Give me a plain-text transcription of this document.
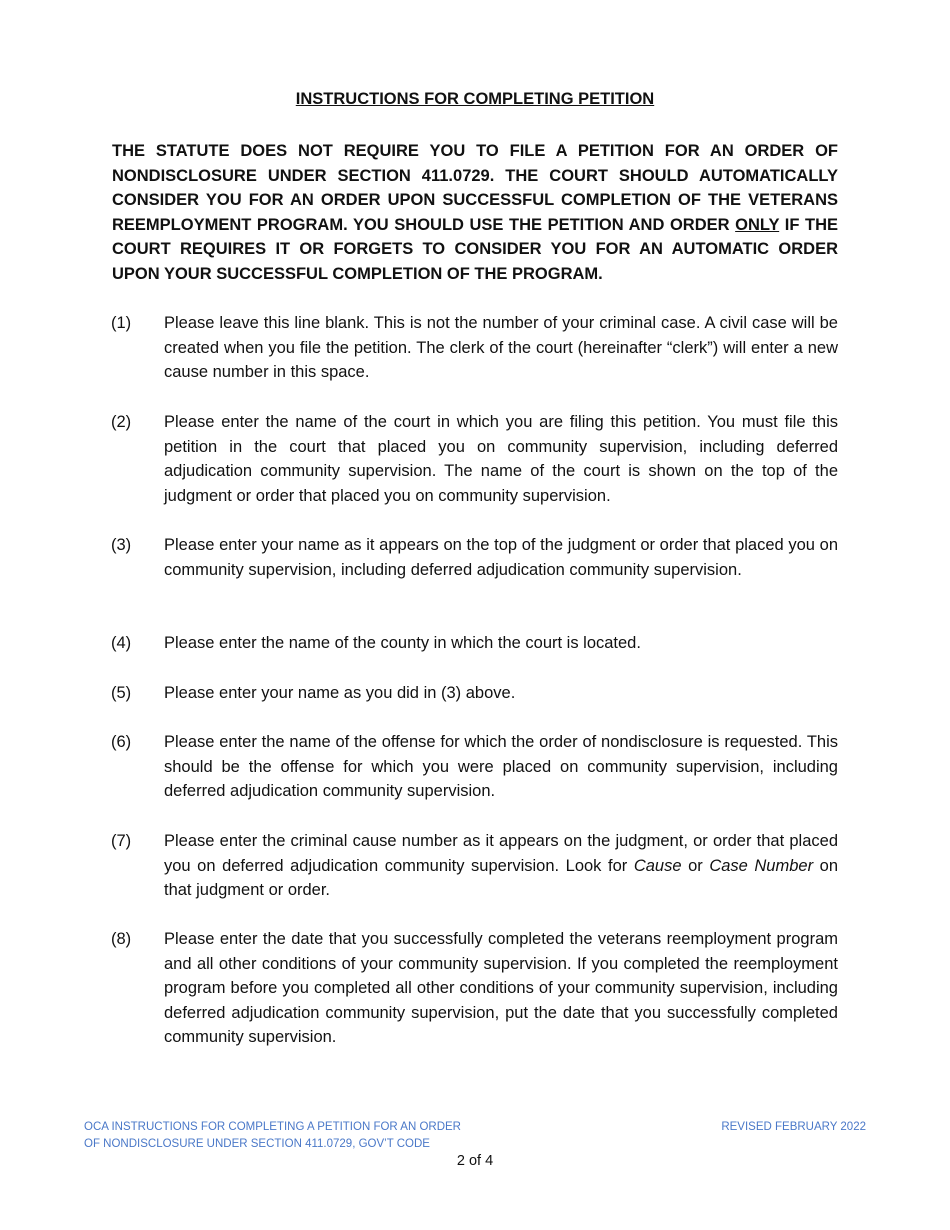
INSTRUCTIONS FOR COMPLETING PETITION
THE STATUTE DOES NOT REQUIRE YOU TO FILE A PETITION FOR AN ORDER OF NONDISCLOSURE UNDER SECTION 411.0729. THE COURT SHOULD AUTOMATICALLY CONSIDER YOU FOR AN ORDER UPON SUCCESSFUL COMPLETION OF THE VETERANS REEMPLOYMENT PROGRAM. YOU SHOULD USE THE PETITION AND ORDER ONLY IF THE COURT REQUIRES IT OR FORGETS TO CONSIDER YOU FOR AN AUTOMATIC ORDER UPON YOUR SUCCESSFUL COMPLETION OF THE PROGRAM.
(1) Please leave this line blank. This is not the number of your criminal case. A civil case will be created when you file the petition. The clerk of the court (hereinafter “clerk”) will enter a new cause number in this space.
(2) Please enter the name of the court in which you are filing this petition. You must file this petition in the court that placed you on community supervision, including deferred adjudication community supervision. The name of the court is shown on the top of the judgment or order that placed you on community supervision.
(3) Please enter your name as it appears on the top of the judgment or order that placed you on community supervision, including deferred adjudication community supervision.
(4) Please enter the name of the county in which the court is located.
(5) Please enter your name as you did in (3) above.
(6) Please enter the name of the offense for which the order of nondisclosure is requested. This should be the offense for which you were placed on community supervision, including deferred adjudication community supervision.
(7) Please enter the criminal cause number as it appears on the judgment, or order that placed you on deferred adjudication community supervision. Look for Cause or Case Number on that judgment or order.
(8) Please enter the date that you successfully completed the veterans reemployment program and all other conditions of your community supervision. If you completed the reemployment program before you completed all other conditions of your community supervision, including deferred adjudication community supervision, put the date that you successfully completed community supervision.
OCA INSTRUCTIONS FOR COMPLETING A PETITION FOR AN ORDER
OF NONDISCLOSURE UNDER SECTION 411.0729, GOV’T CODE
REVISED FEBRUARY 2022
2 of 4
